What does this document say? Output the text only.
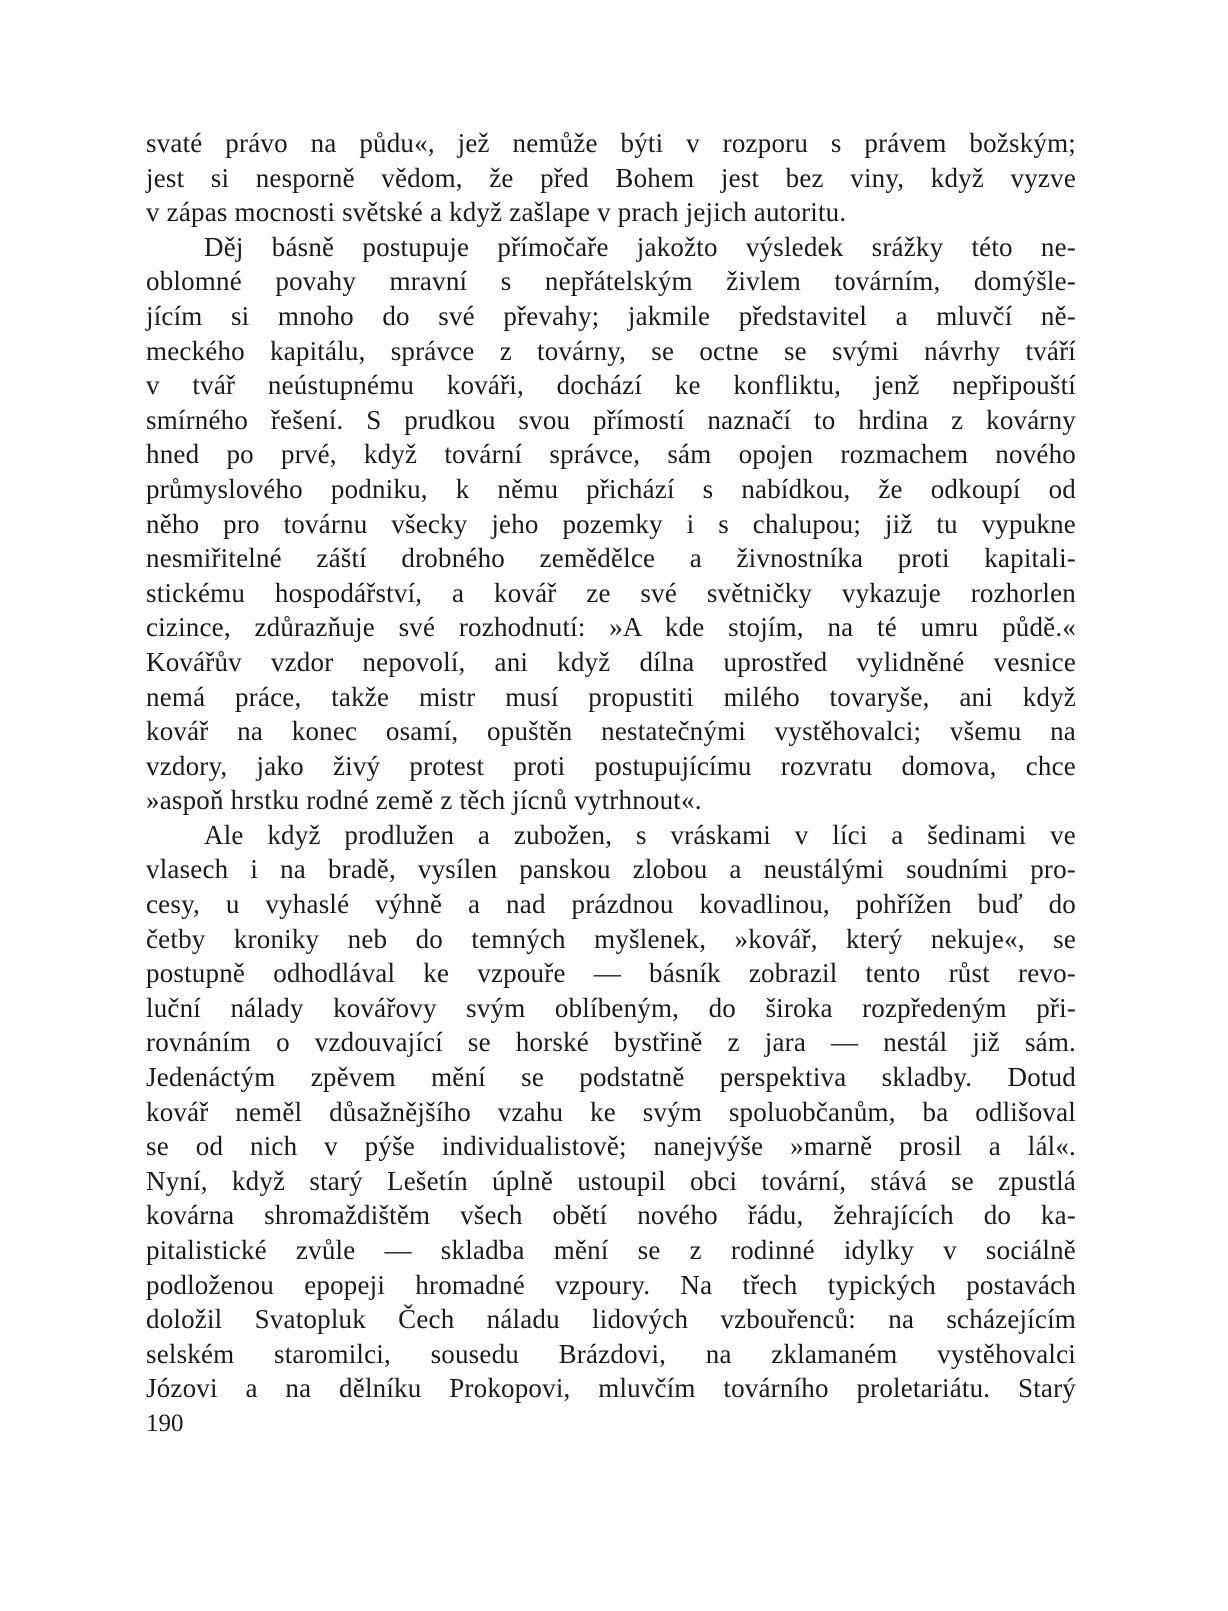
svaté právo na půdu«, jež nemůže býti v rozporu s právem božským;
jest si nesporně vědom, že před Bohem jest bez viny, když vyzve
v zápas mocnosti světské a když zašlape v prach jejich autoritu.
Děj básně postupuje přímočaře jakožto výsledek srážky této ne-
oblomné povahy mravní s nepřátelským živlem továrním, domýšle-
jícím si mnoho do své převahy; jakmile představitel a mluvčí ně-
meckého kapitálu, správce z továrny, se octne se svými návrhy tváří
v tvář neústupnému kováři, dochází ke konfliktu, jenž nepřipouští
smírného řešení. S prudkou svou přímostí naznačí to hrdina z kovárny
hned po prvé, když tovární správce, sám opojen rozmachem nového
průmyslového podniku, k němu přichází s nabídkou, že odkoupí od
něho pro továrnu všecky jeho pozemky i s chalupou; již tu vypukne
nesmiřitelné záští drobného zemědělce a živnostníka proti kapitali-
stickému hospodářství, a kovář ze své světničky vykazuje rozhorlen
cizince, zdůrazňuje své rozhodnutí: »A kde stojím, na té umru půdě.«
Kovářův vzdor nepovolí, ani když dílna uprostřed vylidněné vesnice
nemá práce, takže mistr musí propustiti milého tovaryše, ani když
kovář na konec osamí, opuštěn nestatečnými vystěhovalci; všemu na
vzdory, jako živý protest proti postupujícímu rozvratu domova, chce
»aspoň hrstku rodné země z těch jícnů vytrhnout«.
Ale když prodlužen a zubožen, s vráskami v líci a šedinami ve
vlasech i na bradě, vysílen panskou zlobou a neustálými soudními pro-
cesy, u vyhaslé výhně a nad prázdnou kovadlinou, pohřížen buď do
četby kroniky neb do temných myšlenek, »kovář, který nekuje«, se
postupně odhodlával ke vzpouře — básník zobrazil tento růst revo-
luční nálady kovářovy svým oblíbeným, do široka rozpředeným při-
rovnáním o vzdouvající se horské bystřině z jara — nestál již sám.
Jedenáctým zpěvem mění se podstatně perspektiva skladby. Dotud
kovář neměl důsažnějšího vzahu ke svým spoluobčanům, ba odlišoval
se od nich v pýše individualistově; nanejvýše »marně prosil a lál«.
Nyní, když starý Lešetín úplně ustoupil obci tovární, stává se zpustlá
kovárna shromaždištěm všech obětí nového řádu, žehrajících do ka-
pitalistické zvůle — skladba mění se z rodinné idylky v sociálně
podloženou epopeji hromadné vzpoury. Na třech typických postavách
doložil Svatopluk Čech náladu lidových vzbouřenců: na scházejícím
selském staromilci, sousedu Brázdovi, na zklamaném vystěhovalci
Józovi a na dělníku Prokopovi, mluvčím továrního proletariátu. Starý
190
